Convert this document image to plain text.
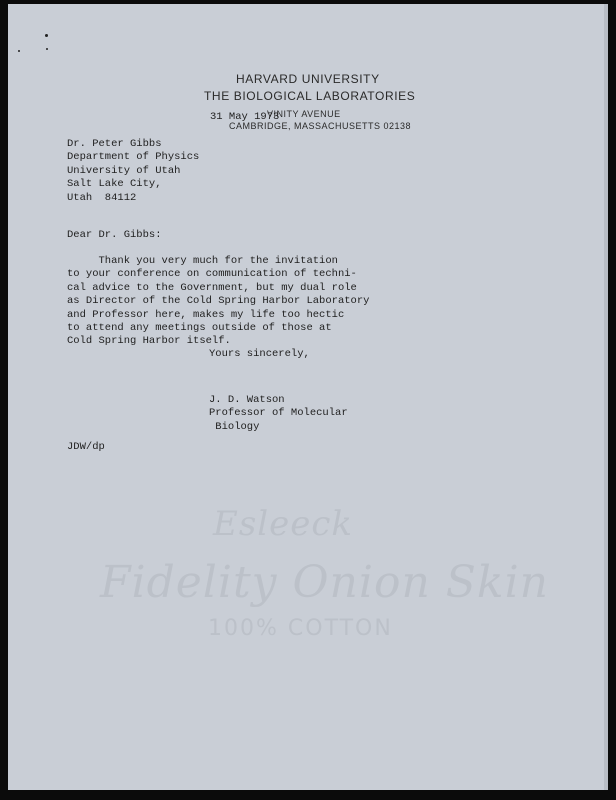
Esleeck
Fidelity Onion Skin
100% COTTON
HARVARD UNIVERSITY
THE BIOLOGICAL LABORATORIES
VINITY AVENUE
CAMBRIDGE, MASSACHUSETTS 02138
31 May 1973
Dr. Peter Gibbs
Department of Physics
University of Utah
Salt Lake City,
Utah  84112
Dear Dr. Gibbs:
Thank you very much for the invitation
to your conference on communication of techni-
cal advice to the Government, but my dual role
as Director of the Cold Spring Harbor Laboratory
and Professor here, makes my life too hectic
to attend any meetings outside of those at
Cold Spring Harbor itself.
Yours sincerely,
J. D. Watson
Professor of Molecular
Biology
JDW/dp
